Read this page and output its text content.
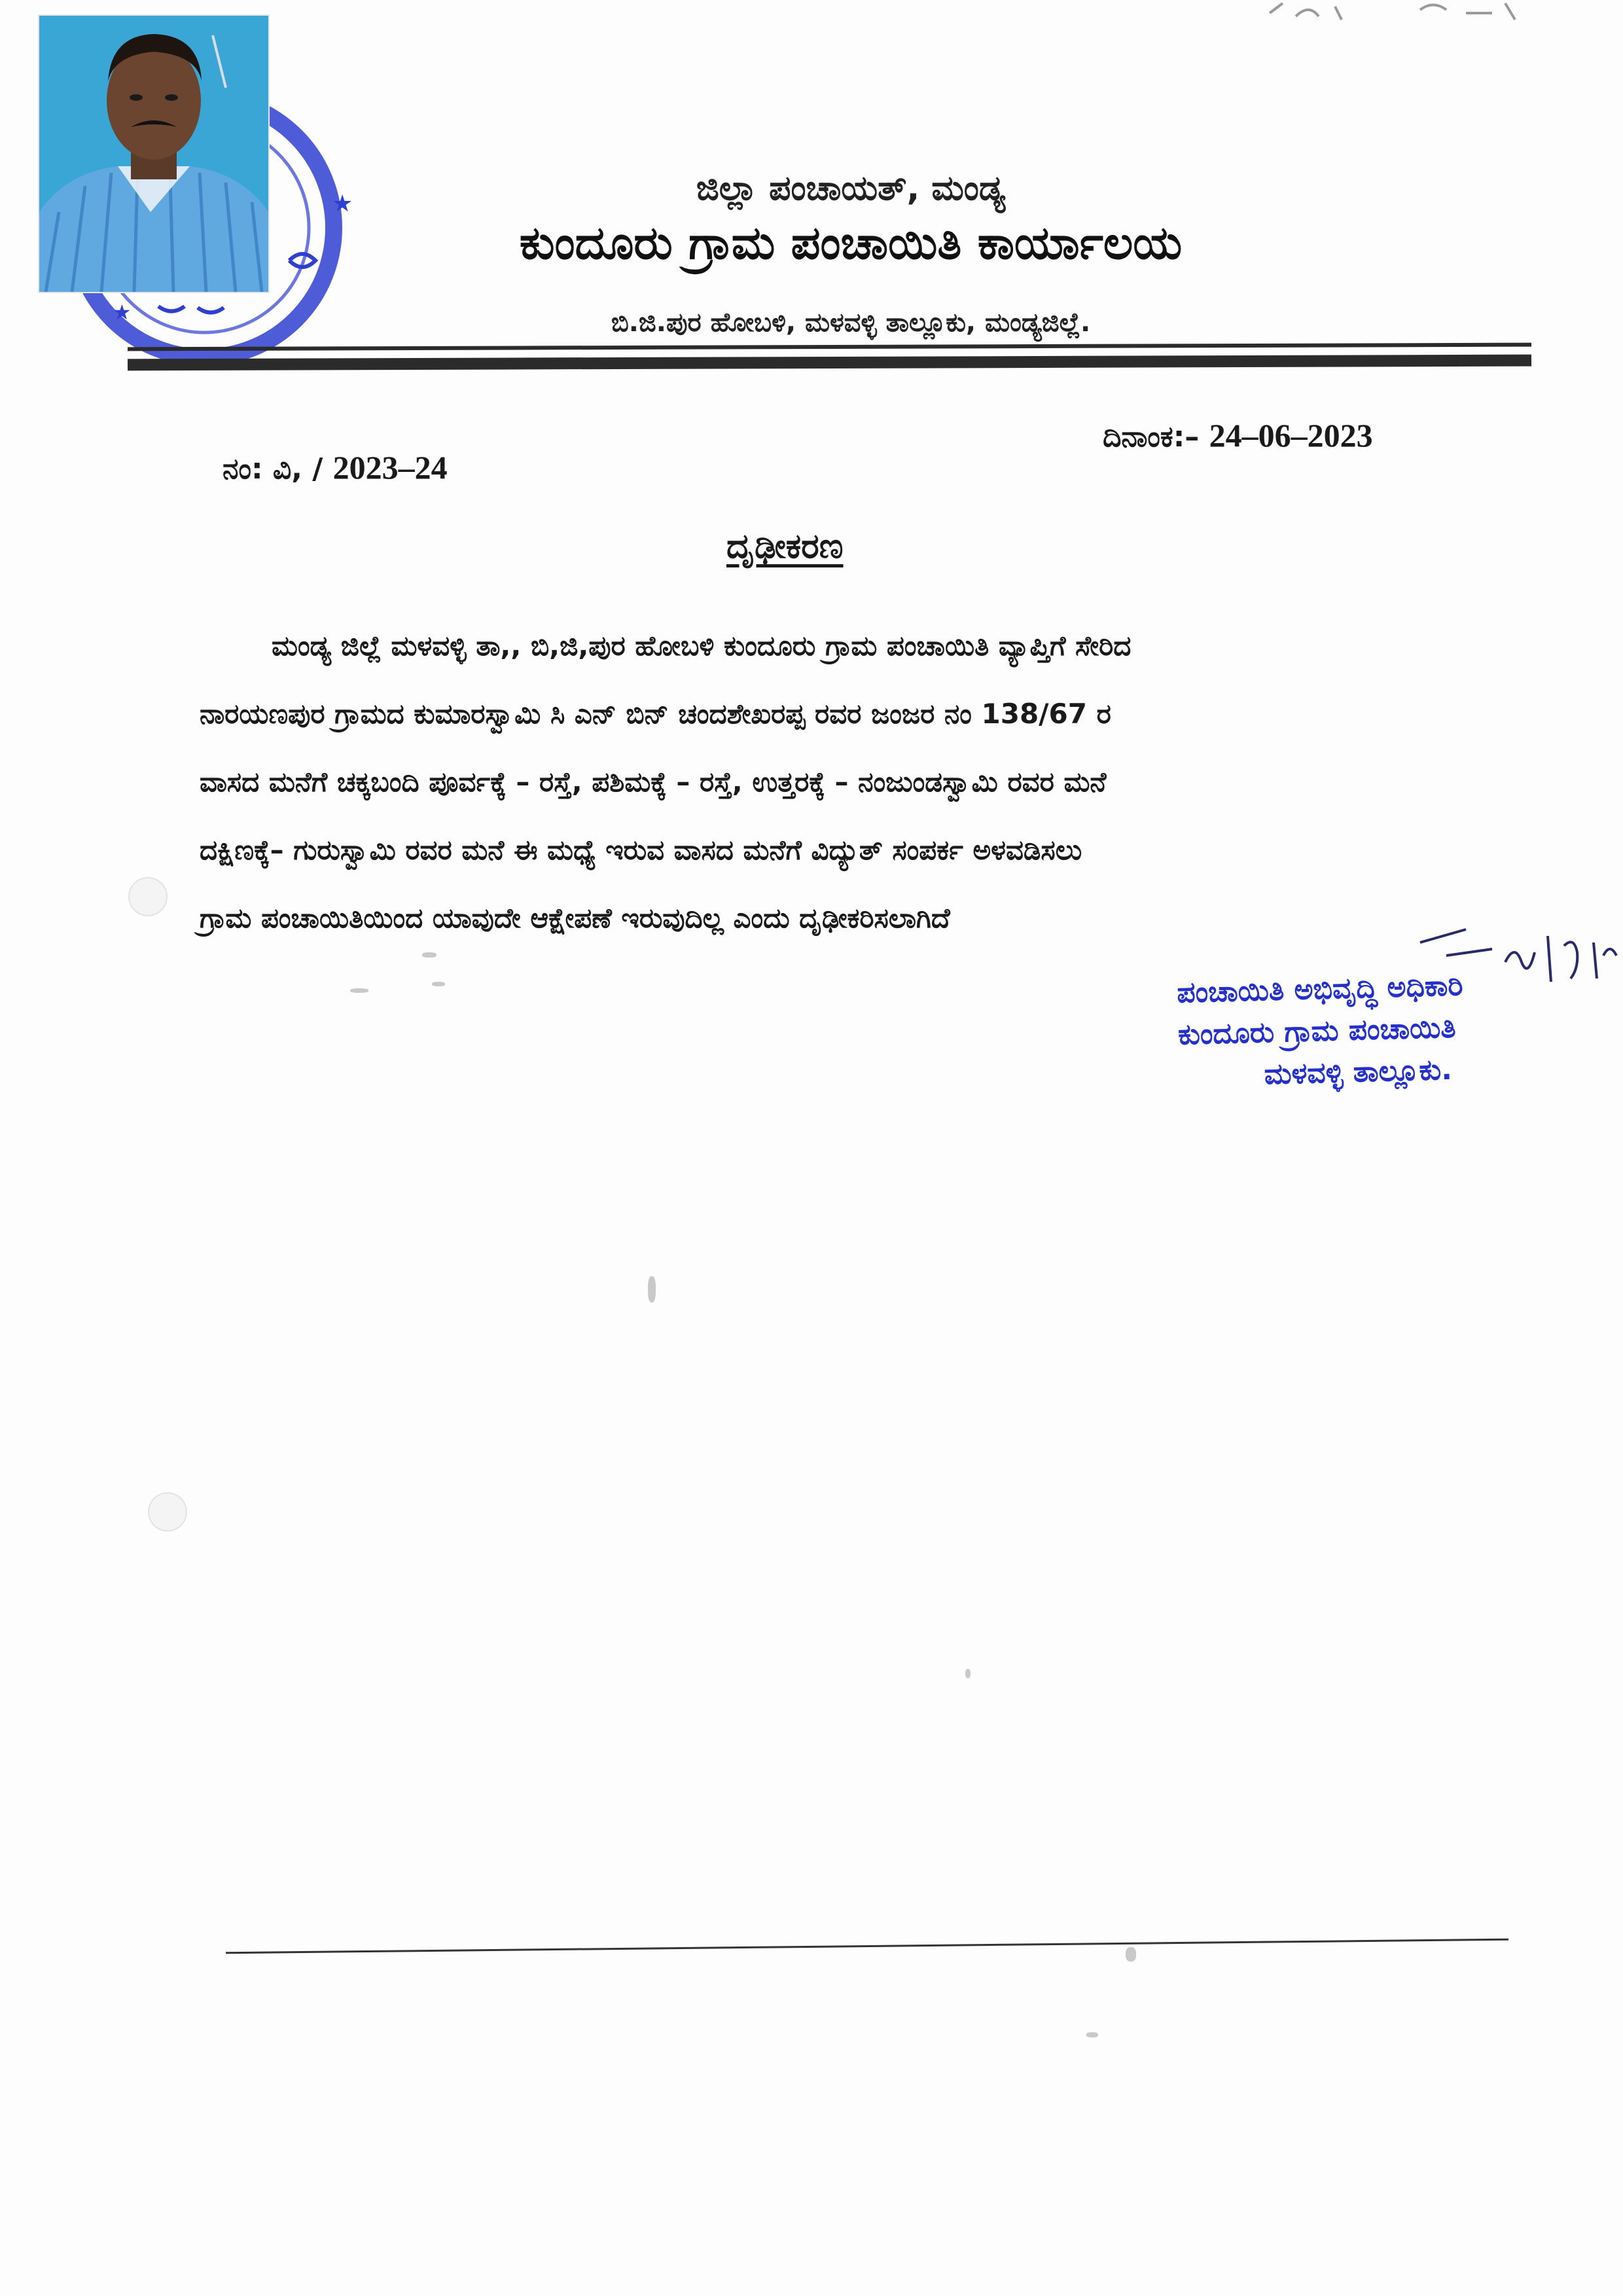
★
★
ಜಿಲ್ಲಾ ಪಂಚಾಯತ್, ಮಂಡ್ಯ
ಕುಂದೂರು ಗ್ರಾಮ ಪಂಚಾಯಿತಿ ಕಾರ್ಯಾಲಯ
ಬಿ.ಜಿ.ಪುರ ಹೋಬಳಿ, ಮಳವಳ್ಳಿ ತಾಲ್ಲೂಕು, ಮಂಡ್ಯಜಿಲ್ಲೆ.
ನಂ: ವಿ, / 2023–24
ದಿನಾಂಕ:– 24–06–2023
ದೃಢೀಕರಣ
ಮಂಡ್ಯ ಜಿಲ್ಲೆ ಮಳವಳ್ಳಿ ತಾ,, ಬಿ,ಜಿ,ಪುರ ಹೋಬಳಿ ಕುಂದೂರು ಗ್ರಾಮ ಪಂಚಾಯಿತಿ ವ್ಯಾಪ್ತಿಗೆ ಸೇರಿದ
ನಾರಯಣಪುರ ಗ್ರಾಮದ ಕುಮಾರಸ್ವಾಮಿ ಸಿ ಎನ್ ಬಿನ್ ಚಂದಶೇಖರಪ್ಪ ರವರ ಜಂಜರ ನಂ 138/67 ರ
ವಾಸದ ಮನೆಗೆ ಚಕ್ಕಬಂದಿ ಪೂರ್ವಕ್ಕೆ – ರಸ್ತೆ, ಪಶಿಮಕ್ಕೆ – ರಸ್ತೆ, ಉತ್ತರಕ್ಕೆ – ನಂಜುಂಡಸ್ವಾಮಿ ರವರ ಮನೆ
ದಕ್ಷಿಣಕ್ಕೆ– ಗುರುಸ್ವಾಮಿ ರವರ ಮನೆ ಈ ಮಧ್ಯೆ ಇರುವ ವಾಸದ ಮನೆಗೆ ವಿದ್ಯುತ್ ಸಂಪರ್ಕ ಅಳವಡಿಸಲು
ಗ್ರಾಮ ಪಂಚಾಯಿತಿಯಿಂದ ಯಾವುದೇ ಆಕ್ಷೇಪಣೆ ಇರುವುದಿಲ್ಲ ಎಂದು ದೃಢೀಕರಿಸಲಾಗಿದೆ
ಪಂಚಾಯಿತಿ ಅಭಿವೃದ್ಧಿ ಅಧಿಕಾರಿ
ಕುಂದೂರು ಗ್ರಾಮ ಪಂಚಾಯಿತಿ
ಮಳವಳ್ಳಿ ತಾಲ್ಲೂಕು.
